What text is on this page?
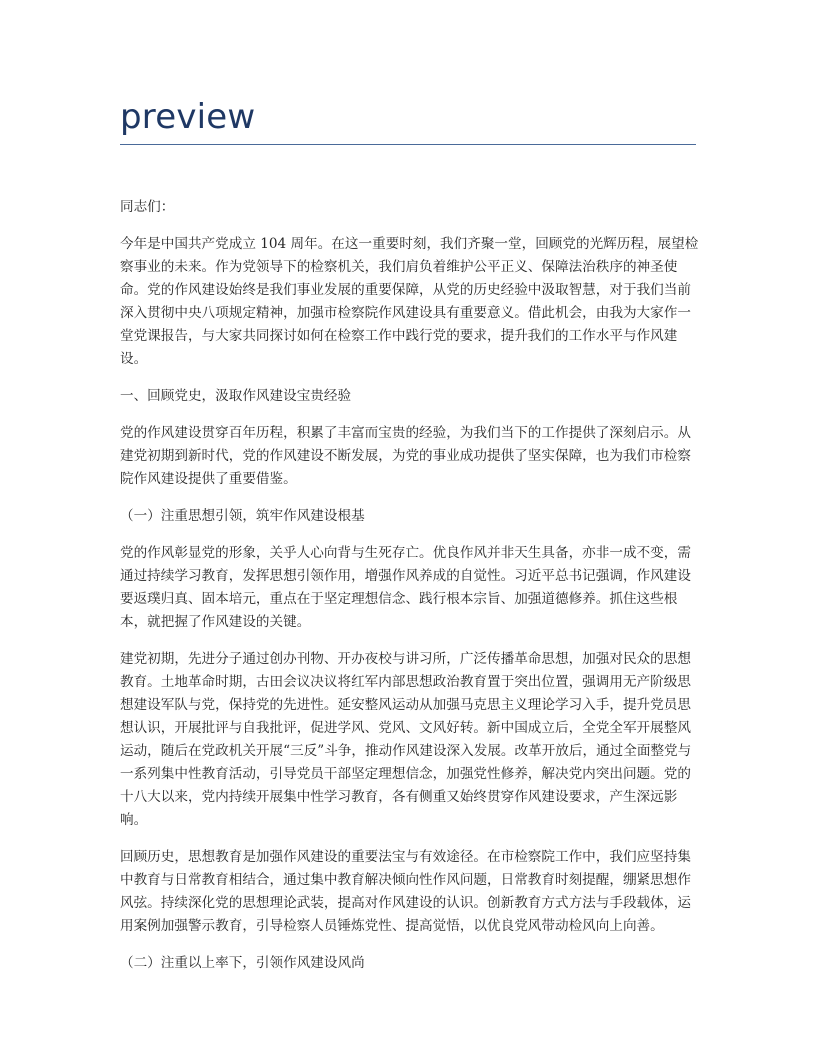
preview

同志们：

今年是中国共产党成立 104 周年。在这一重要时刻，我们齐聚一堂，回顾党的光辉历程，展望检察事业的未来。作为党领导下的检察机关，我们肩负着维护公平正义、保障法治秩序的神圣使命。党的作风建设始终是我们事业发展的重要保障，从党的历史经验中汲取智慧，对于我们当前深入贯彻中央八项规定精神，加强市检察院作风建设具有重要意义。借此机会，由我为大家作一堂党课报告，与大家共同探讨如何在检察工作中践行党的要求，提升我们的工作水平与作风建设。

一、回顾党史，汲取作风建设宝贵经验

党的作风建设贯穿百年历程，积累了丰富而宝贵的经验，为我们当下的工作提供了深刻启示。从建党初期到新时代，党的作风建设不断发展，为党的事业成功提供了坚实保障，也为我们市检察院作风建设提供了重要借鉴。

（一）注重思想引领，筑牢作风建设根基

党的作风彰显党的形象，关乎人心向背与生死存亡。优良作风并非天生具备，亦非一成不变，需通过持续学习教育，发挥思想引领作用，增强作风养成的自觉性。习近平总书记强调，作风建设要返璞归真、固本培元，重点在于坚定理想信念、践行根本宗旨、加强道德修养。抓住这些根本，就把握了作风建设的关键。

建党初期，先进分子通过创办刊物、开办夜校与讲习所，广泛传播革命思想，加强对民众的思想教育。土地革命时期，古田会议决议将红军内部思想政治教育置于突出位置，强调用无产阶级思想建设军队与党，保持党的先进性。延安整风运动从加强马克思主义理论学习入手，提升党员思想认识，开展批评与自我批评，促进学风、党风、文风好转。新中国成立后，全党全军开展整风运动，随后在党政机关开展“三反”斗争，推动作风建设深入发展。改革开放后，通过全面整党与一系列集中性教育活动，引导党员干部坚定理想信念，加强党性修养，解决党内突出问题。党的十八大以来，党内持续开展集中性学习教育，各有侧重又始终贯穿作风建设要求，产生深远影响。

回顾历史，思想教育是加强作风建设的重要法宝与有效途径。在市检察院工作中，我们应坚持集中教育与日常教育相结合，通过集中教育解决倾向性作风问题，日常教育时刻提醒，绷紧思想作风弦。持续深化党的思想理论武装，提高对作风建设的认识。创新教育方式方法与手段载体，运用案例加强警示教育，引导检察人员锤炼党性、提高觉悟，以优良党风带动检风向上向善。

（二）注重以上率下，引领作风建设风尚
